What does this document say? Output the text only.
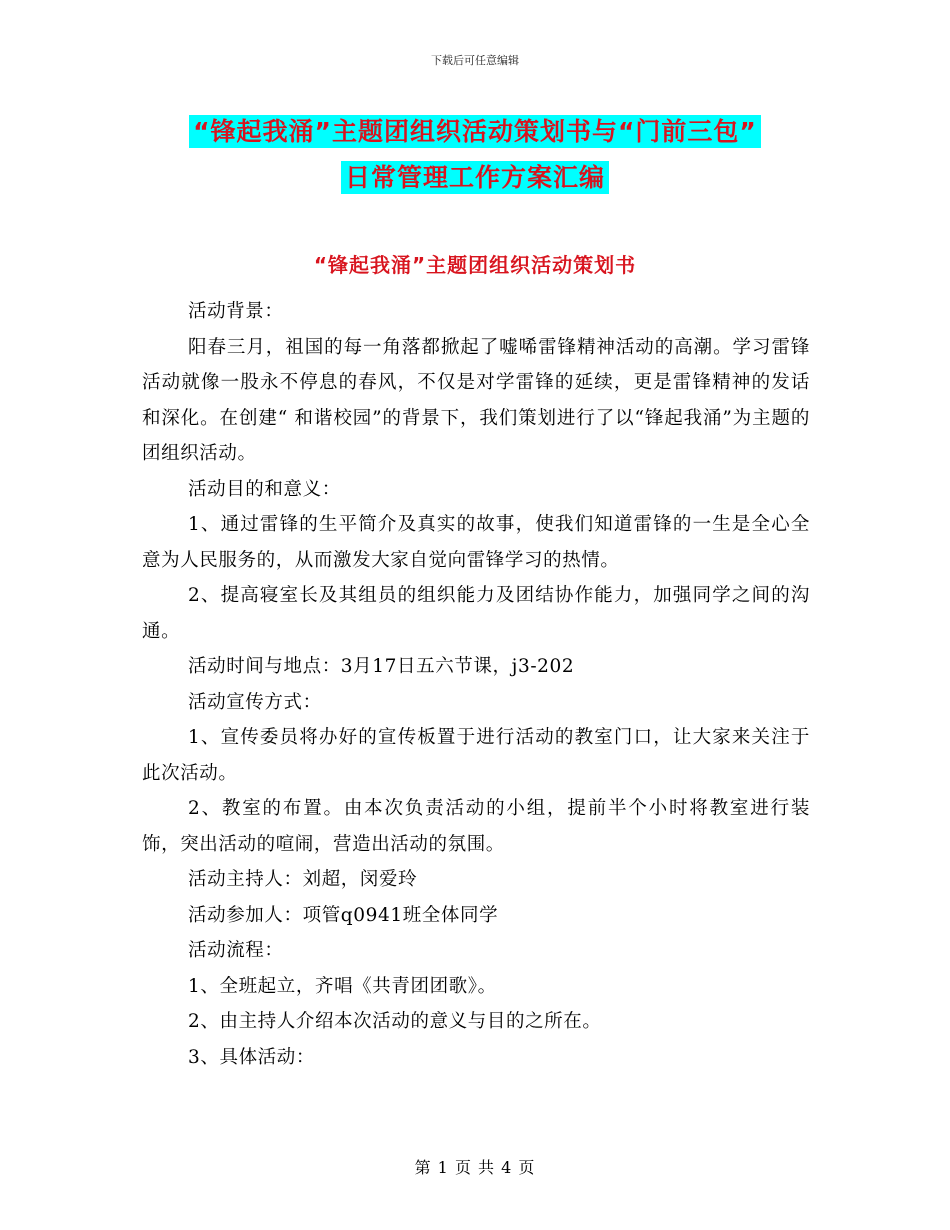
下载后可任意编辑
“锋起我涌”主题团组织活动策划书与“门前三包”
日常管理工作方案汇编
“锋起我涌”主题团组织活动策划书

活动背景：

阳春三月，祖国的每一角落都掀起了嘘唏雷锋精神活动的高潮。学习雷锋活动就像一股永不停息的春风，不仅是对学雷锋的延续，更是雷锋精神的发话和深化。在创建“ 和谐校园”的背景下，我们策划进行了以“锋起我涌”为主题的团组织活动。

活动目的和意义：

1、通过雷锋的生平简介及真实的故事，使我们知道雷锋的一生是全心全意为人民服务的，从而激发大家自觉向雷锋学习的热情。

2、提高寝室长及其组员的组织能力及团结协作能力，加强同学之间的沟通。

活动时间与地点：3月17日五六节课，j3-202

活动宣传方式：

1、宣传委员将办好的宣传板置于进行活动的教室门口，让大家来关注于此次活动。

2、教室的布置。由本次负责活动的小组，提前半个小时将教室进行装饰，突出活动的喧闹，营造出活动的氛围。

活动主持人：刘超，闵爱玲

活动参加人：项管q0941班全体同学

活动流程：

1、全班起立，齐唱《共青团团歌》。

2、由主持人介绍本次活动的意义与目的之所在。

3、具体活动：

第 1 页 共 4 页
